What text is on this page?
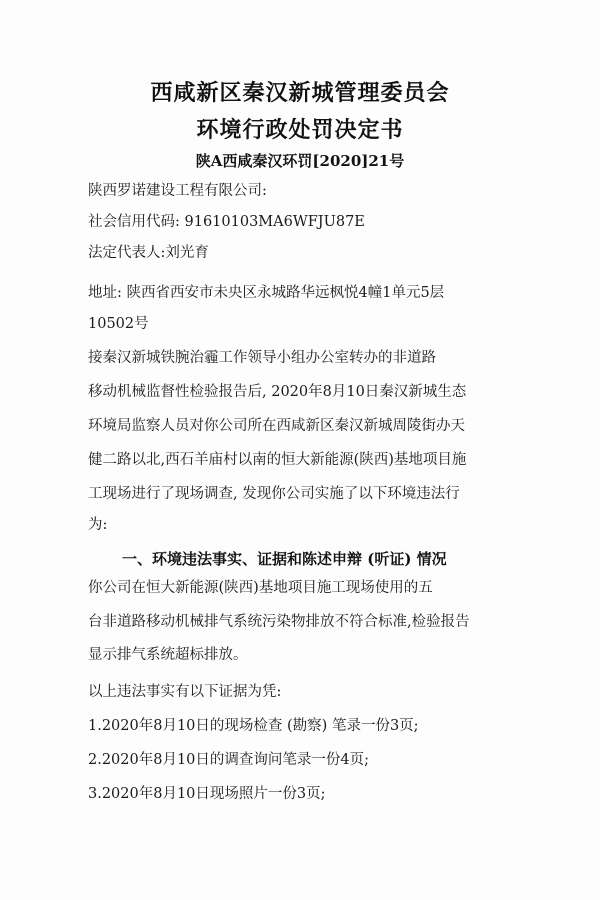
西咸新区秦汉新城管理委员会
环境行政处罚决定书
陕A西咸秦汉环罚[2020]21号
陕西罗诺建设工程有限公司:
社会信用代码: 91610103MA6WFJU87E
法定代表人:刘光育
地址: 陕西省西安市未央区永城路华远枫悦4幢1单元5层
10502号
接秦汉新城铁腕治霾工作领导小组办公室转办的非道路
移动机械监督性检验报告后, 2020年8月10日秦汉新城生态
环境局监察人员对你公司所在西咸新区秦汉新城周陵街办天
健二路以北,西石羊庙村以南的恒大新能源(陕西)基地项目施
工现场进行了现场调查, 发现你公司实施了以下环境违法行
为:
一、环境违法事实、证据和陈述申辩 (听证) 情况
你公司在恒大新能源(陕西)基地项目施工现场使用的五
台非道路移动机械排气系统污染物排放不符合标准,检验报告
显示排气系统超标排放。
以上违法事实有以下证据为凭:
1.2020年8月10日的现场检查 (勘察) 笔录一份3页;
2.2020年8月10日的调查询问笔录一份4页;
3.2020年8月10日现场照片一份3页;
